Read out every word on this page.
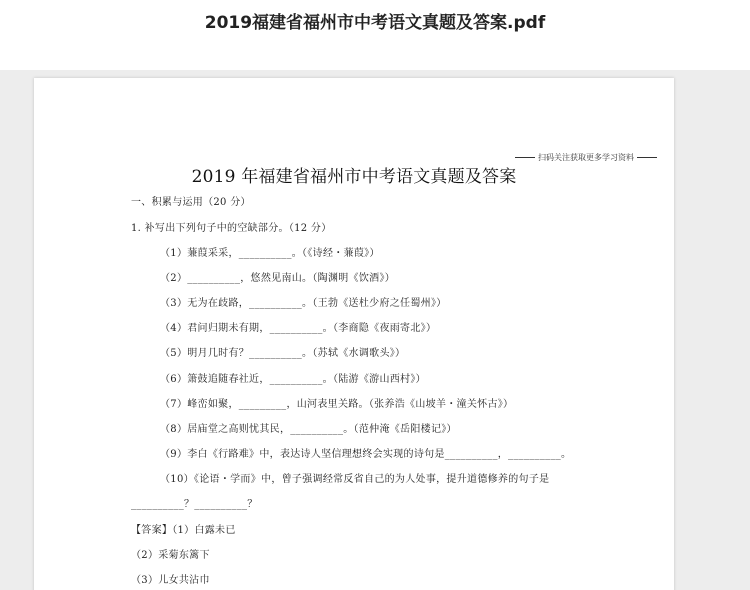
2019福建省福州市中考语文真题及答案.pdf
扫码关注获取更多学习资料
2019 年福建省福州市中考语文真题及答案
一、积累与运用（20 分）
1. 补写出下列句子中的空缺部分。（12 分）
（1）蒹葭采采，__________。（《诗经・蒹葭》）
（2）__________，悠然见南山。（陶渊明《饮酒》）
（3）无为在歧路，__________。（王勃《送杜少府之任蜀州》）
（4）君问归期未有期，__________。（李商隐《夜雨寄北》）
（5）明月几时有？__________。（苏轼《水调歌头》）
（6）箫鼓追随春社近，__________。（陆游《游山西村》）
（7）峰峦如聚，_________，山河表里关路。（张养浩《山坡羊・潼关怀古》）
（8）居庙堂之高则忧其民，__________。（范仲淹《岳阳楼记》）
（9）李白《行路难》中，表达诗人坚信理想终会实现的诗句是__________，__________。
（10）《论语・学而》中，曾子强调经常反省自己的为人处事，提升道德修养的句子是
__________？__________？
【答案】（1）白露未已
（2）采菊东篱下
（3）儿女共沾巾
